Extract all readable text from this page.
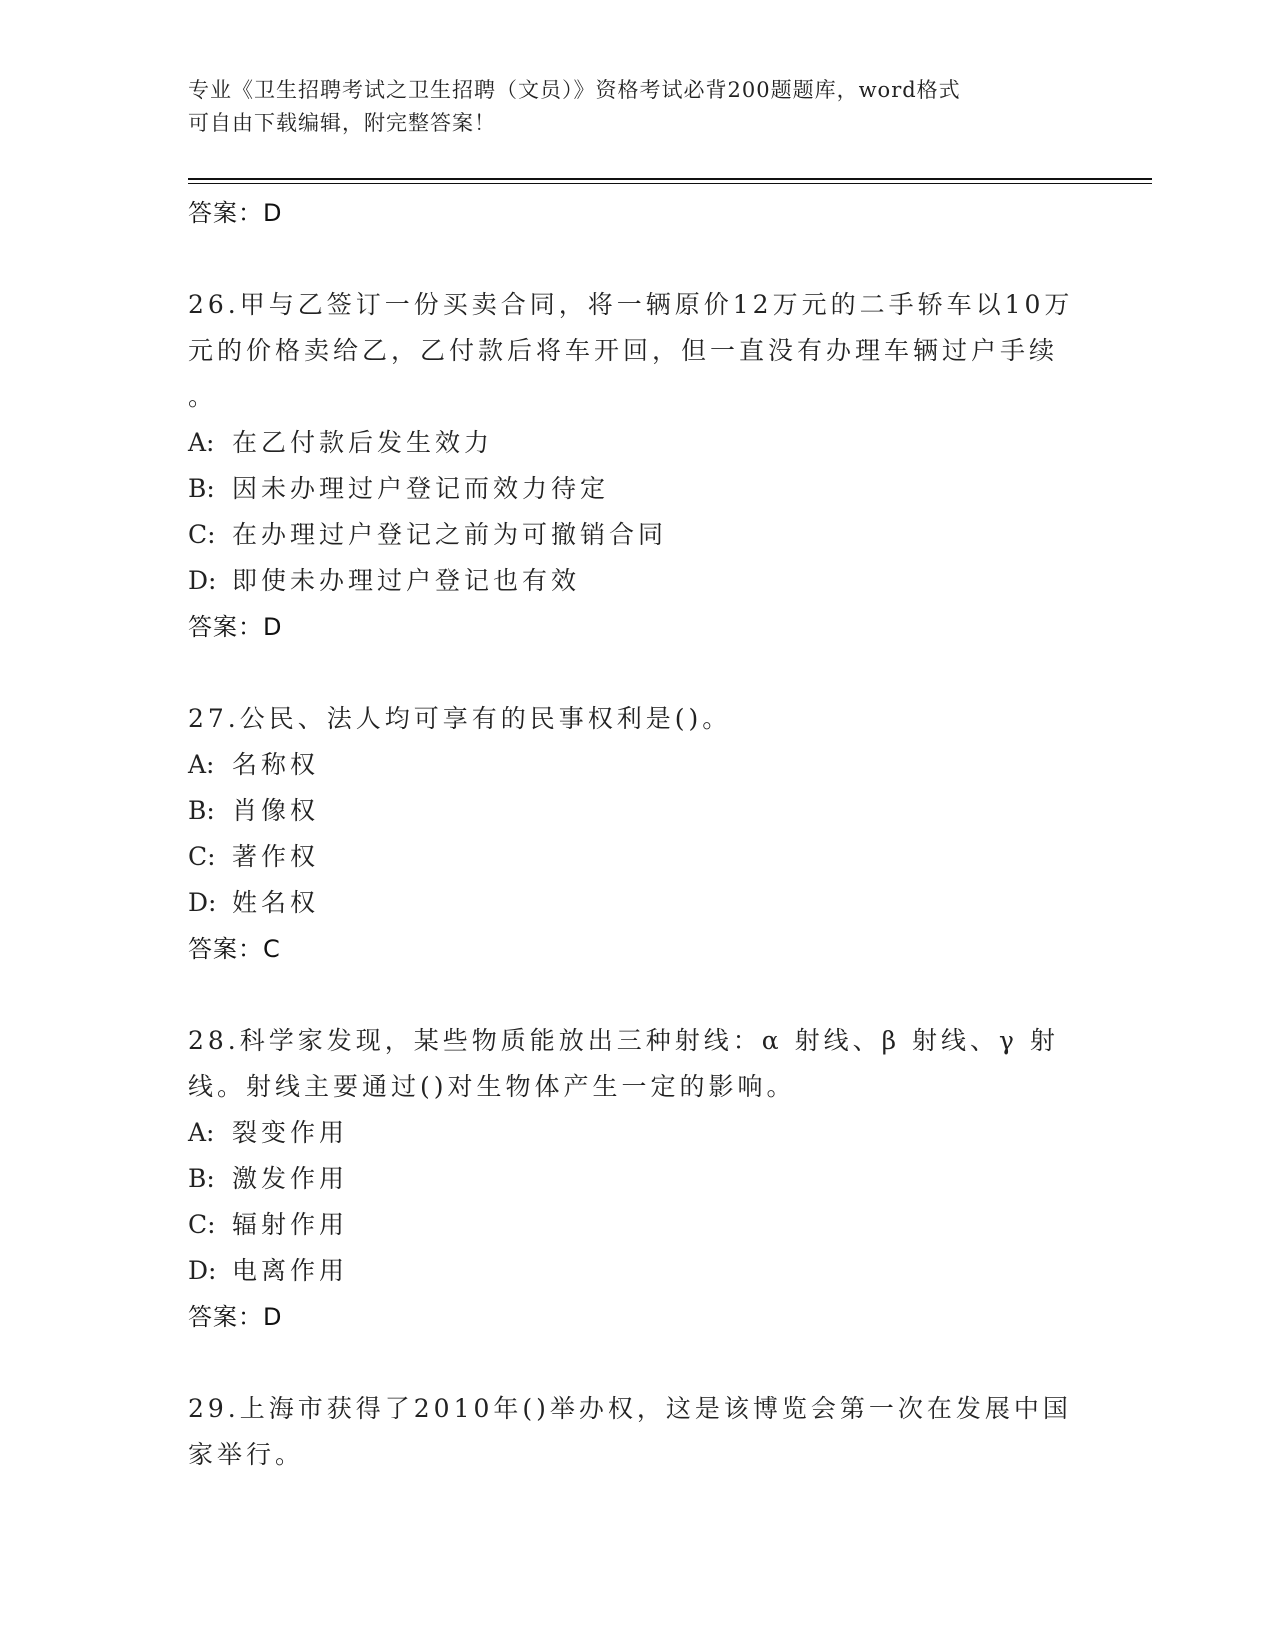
专业《卫生招聘考试之卫生招聘（文员）》资格考试必背200题题库，word格式
可自由下载编辑，附完整答案！
答案：D
26.甲与乙签订一份买卖合同，将一辆原价12万元的二手轿车以10万
元的价格卖给乙，乙付款后将车开回，但一直没有办理车辆过户手续
。
A: 在乙付款后发生效力
B: 因未办理过户登记而效力待定
C: 在办理过户登记之前为可撤销合同
D: 即使未办理过户登记也有效
答案：D
27.公民、法人均可享有的民事权利是()。
A: 名称权
B: 肖像权
C: 著作权
D: 姓名权
答案：C
28.科学家发现，某些物质能放出三种射线：α 射线、β 射线、γ 射
线。射线主要通过()对生物体产生一定的影响。
A: 裂变作用
B: 激发作用
C: 辐射作用
D: 电离作用
答案：D
29.上海市获得了2010年()举办权，这是该博览会第一次在发展中国
家举行。
